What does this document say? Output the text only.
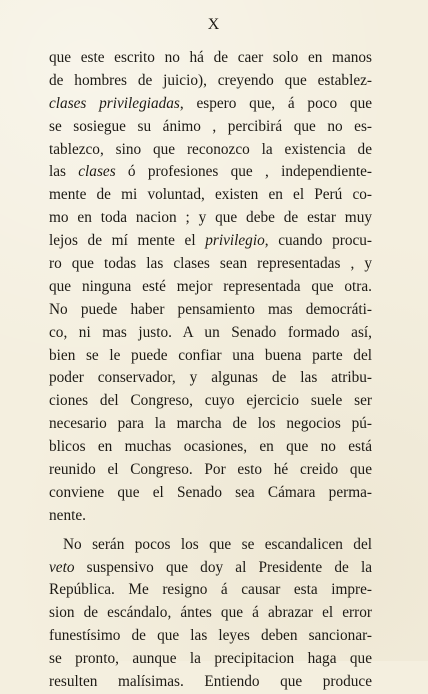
X
que este escrito no há de caer solo en manos
de hombres de juicio), creyendo que establez-
clases privilegiadas, espero que, á poco que
se sosiegue su ánimo , percibirá que no es-
tablezco, sino que reconozco la existencia de
las clases ó profesiones que , independiente-
mente de mi voluntad, existen en el Perú co-
mo en toda nacion ; y que debe de estar muy
lejos de mí mente el privilegio, cuando procu-
ro que todas las clases sean representadas , y
que ninguna esté mejor representada que otra.
No puede haber pensamiento mas democráti-
co, ni mas justo. A un Senado formado así,
bien se le puede confiar una buena parte del
poder conservador, y algunas de las atribu-
ciones del Congreso, cuyo ejercicio suele ser
necesario para la marcha de los negocios pú-
blicos en muchas ocasiones, en que no está
reunido el Congreso. Por esto hé creido que
conviene que el Senado sea Cámara perma-
nente.
No serán pocos los que se escandalicen del
veto suspensivo que doy al Presidente de la
República. Me resigno á causar esta impre-
sion de escándalo, ántes que á abrazar el error
funestísimo de que las leyes deben sancionar-
se pronto, aunque la precipitacion haga que
resulten malísimas. Entiendo que produce
